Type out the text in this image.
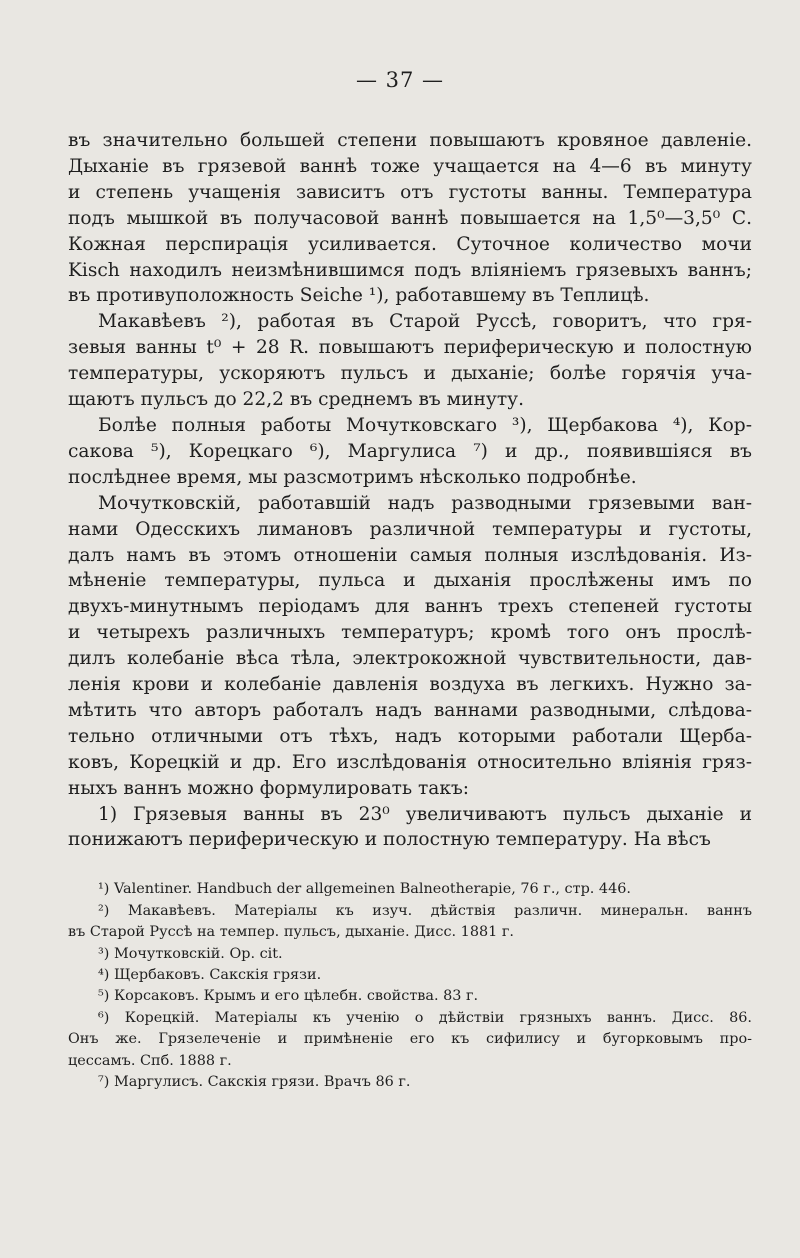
— 37 —
въ значительно большей степени повышаютъ кровяное давленіе.
Дыханіе въ грязевой ваннѣ тоже учащается на 4—6 въ минуту
и степень учащенія зависитъ отъ густоты ванны. Температура
подъ мышкой въ получасовой ваннѣ повышается на 1,5⁰—3,5⁰ С.
Кожная перспирація усиливается. Суточное количество мочи
Kisch находилъ неизмѣнившимся подъ вліяніемъ грязевыхъ ваннъ;
въ противуположность Seiche ¹), работавшему въ Теплицѣ.
Макавѣевъ ²), работая въ Старой Руссѣ, говоритъ, что гря-
зевыя ванны t⁰ + 28 R. повышаютъ периферическую и полостную
температуры, ускоряютъ пульсъ и дыханіе; болѣе горячія уча-
щаютъ пульсъ до 22,2 въ среднемъ въ минуту.
Болѣе полныя работы Мочутковскаго ³), Щербакова ⁴), Кор-
сакова ⁵), Корецкаго ⁶), Маргулиса ⁷) и др., появившіяся въ
послѣднее время, мы разсмотримъ нѣсколько подробнѣе.
Мочутковскій, работавшій надъ разводными грязевыми ван-
нами Одесскихъ лимановъ различной температуры и густоты,
далъ намъ въ этомъ отношеніи самыя полныя изслѣдованія. Из-
мѣненіе температуры, пульса и дыханія прослѣжены имъ по
двухъ-минутнымъ періодамъ для ваннъ трехъ степеней густоты
и четырехъ различныхъ температуръ; кромѣ того онъ прослѣ-
дилъ колебаніе вѣса тѣла, электрокожной чувствительности, дав-
ленія крови и колебаніе давленія воздуха въ легкихъ. Нужно за-
мѣтить что авторъ работалъ надъ ваннами разводными, слѣдова-
тельно отличными отъ тѣхъ, надъ которыми работали Щерба-
ковъ, Корецкій и др. Его изслѣдованія относительно вліянія гряз-
ныхъ ваннъ можно формулировать такъ:
1) Грязевыя ванны въ 23⁰ увеличиваютъ пульсъ дыханіе и
понижаютъ периферическую и полостную температуру. На вѣсъ
¹) Valentiner. Handbuch der allgemeinen Balneotherapie, 76 г., стр. 446.
²) Макавѣевъ. Матеріалы къ изуч. дѣйствія различн. минеральн. ваннъ
въ Старой Руссѣ на темпер. пульсъ, дыханіе. Дисс. 1881 г.
³) Мочутковскій. Op. cit.
⁴) Щербаковъ. Сакскія грязи.
⁵) Корсаковъ. Крымъ и его цѣлебн. свойства. 83 г.
⁶) Корецкій. Матеріалы къ ученію о дѣйствіи грязныхъ ваннъ. Дисс. 86.
Онъ же. Грязелеченіе и примѣненіе его къ сифилису и бугорковымъ про-
цессамъ. Спб. 1888 г.
⁷) Маргулисъ. Сакскія грязи. Врачъ 86 г.
